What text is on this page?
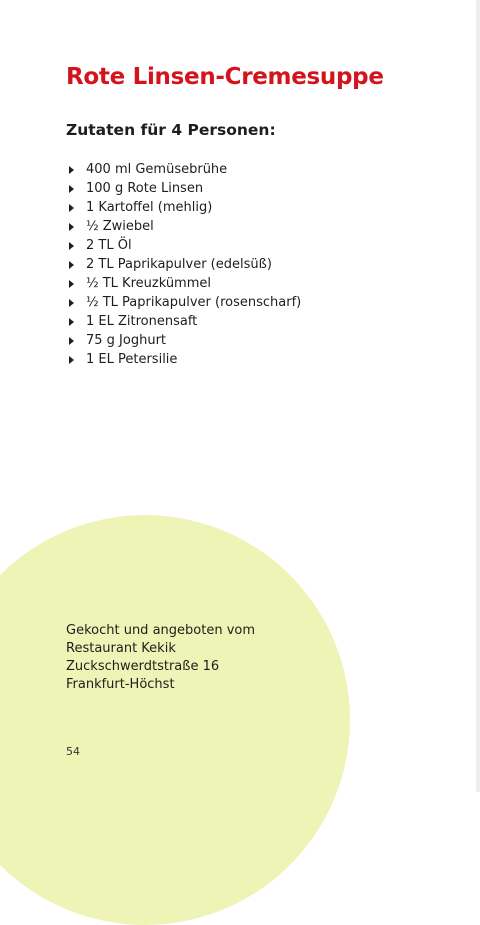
Rote Linsen-Cremesuppe
Zutaten für 4 Personen:
400 ml Gemüsebrühe
100 g Rote Linsen
1 Kartoffel (mehlig)
½ Zwiebel
2 TL Öl
2 TL Paprikapulver (edelsüß)
½ TL Kreuzkümmel
½ TL Paprikapulver (rosenscharf)
1 EL Zitronensaft
75 g Joghurt
1 EL Petersilie
Gekocht und angeboten vom
Restaurant Kekik
Zuckschwerdtstraße 16
Frankfurt-Höchst
54
